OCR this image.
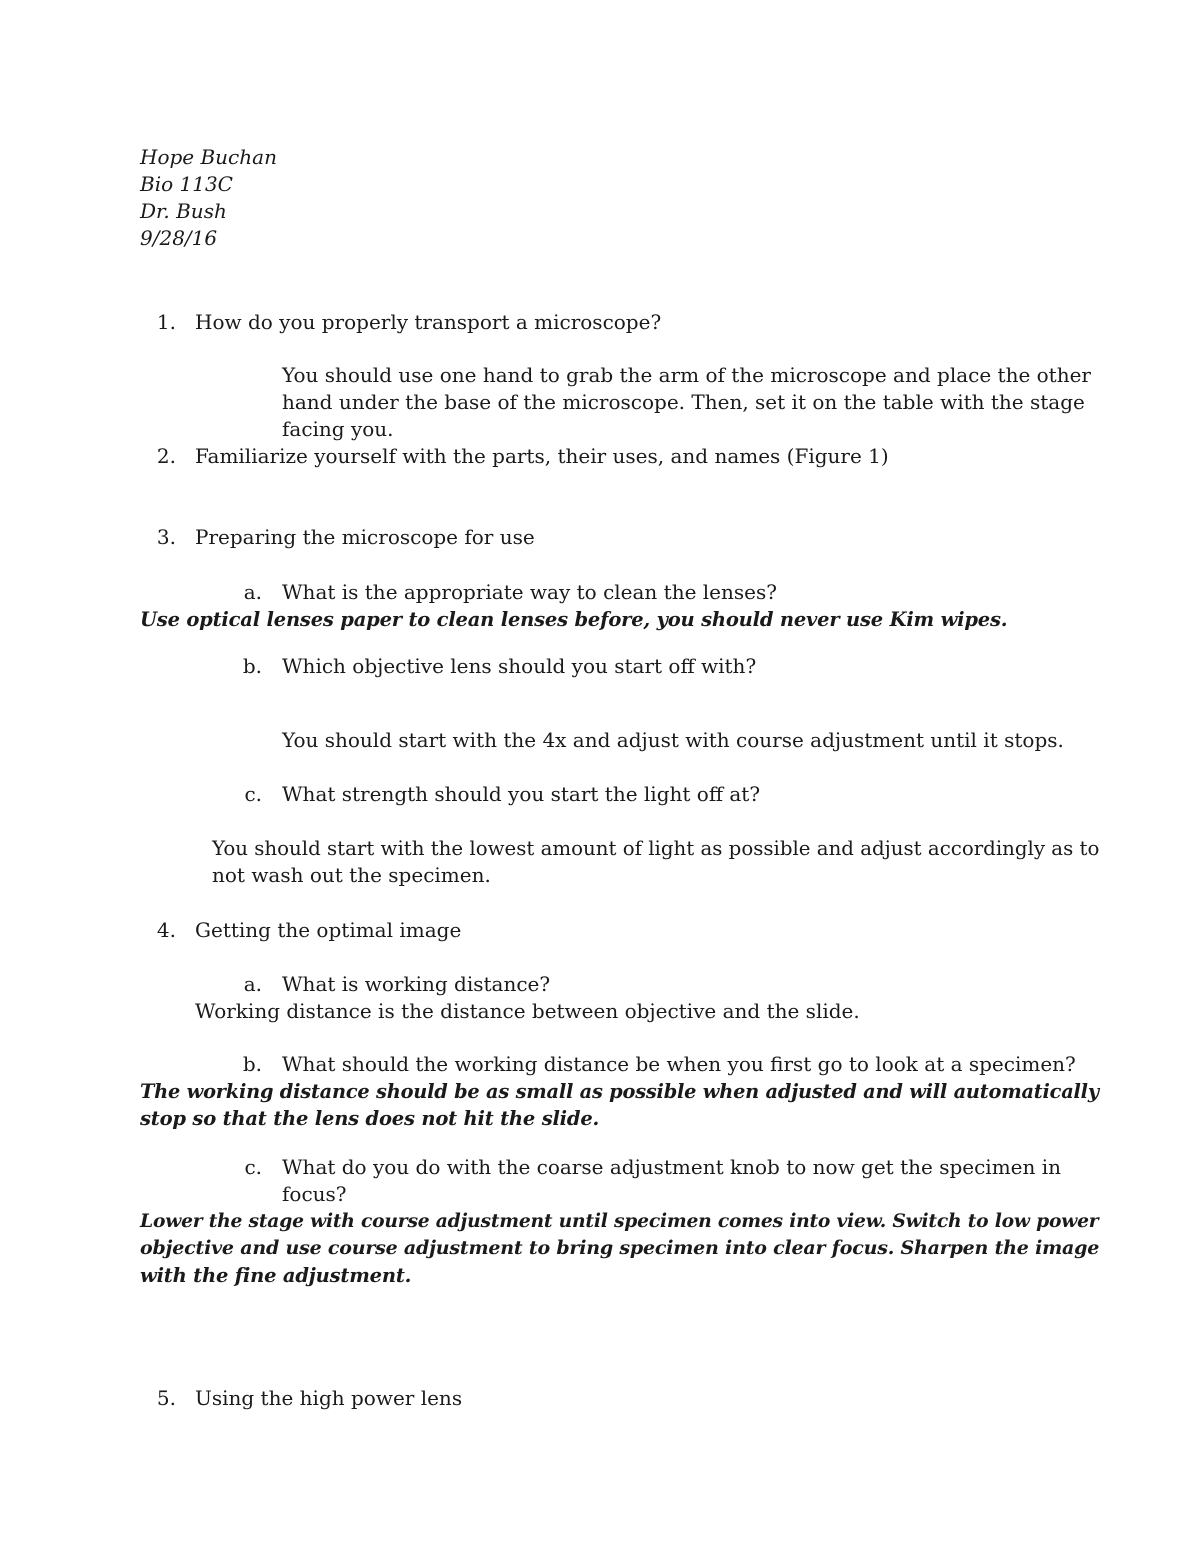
Hope Buchan
Bio 113C
Dr. Bush
9/28/16
1. How do you properly transport a microscope?
You should use one hand to grab the arm of the microscope and place the other
hand under the base of the microscope. Then, set it on the table with the stage
facing you.
2. Familiarize yourself with the parts, their uses, and names (Figure 1)
3. Preparing the microscope for use
a. What is the appropriate way to clean the lenses?
Use optical lenses paper to clean lenses before, you should never use Kim wipes.
b. Which objective lens should you start off with?
You should start with the 4x and adjust with course adjustment until it stops.
c. What strength should you start the light off at?
You should start with the lowest amount of light as possible and adjust accordingly as to
not wash out the specimen.
4. Getting the optimal image
a. What is working distance?
Working distance is the distance between objective and the slide.
b. What should the working distance be when you first go to look at a specimen?
The working distance should be as small as possible when adjusted and will automatically
stop so that the lens does not hit the slide.
c. What do you do with the coarse adjustment knob to now get the specimen in
focus?
Lower the stage with course adjustment until specimen comes into view. Switch to low power
objective and use course adjustment to bring specimen into clear focus. Sharpen the image
with the fine adjustment.
5. Using the high power lens
